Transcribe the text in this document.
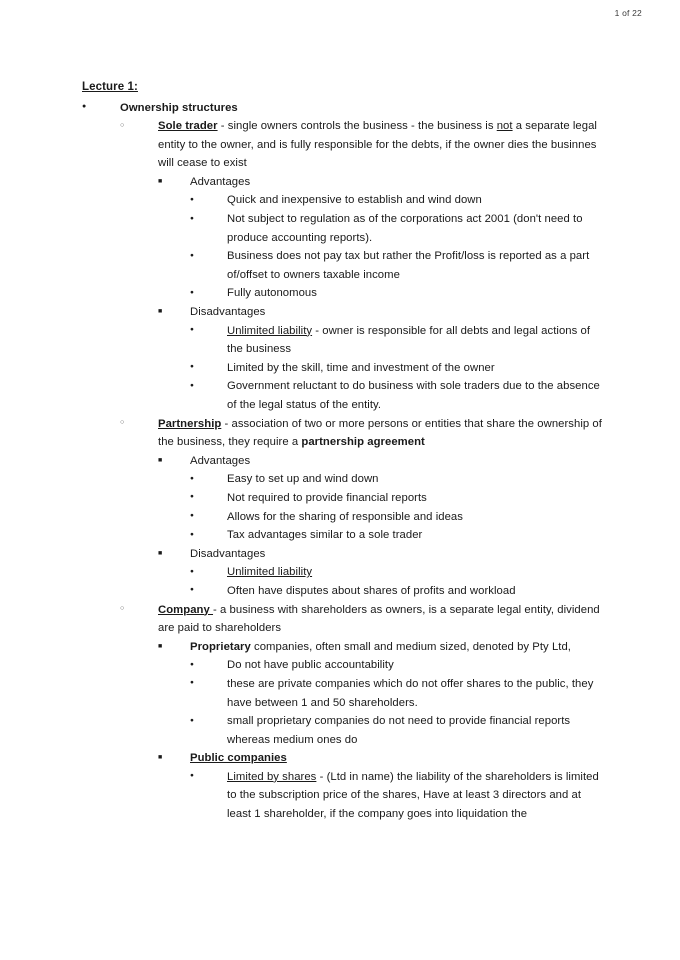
1 of 22
Lecture 1:
●
Ownership structures
○
Sole trader - single owners controls the business - the business is not a separate legal entity to the owner, and is fully responsible for the debts, if the owner dies the businnes will cease to exist
■
Advantages
●
Quick and inexpensive to establish and wind down
●
Not subject to regulation as of the corporations act 2001 (don't need to produce accounting reports).
●
Business does not pay tax but rather the Profit/loss is reported as a part of/offset to owners taxable income
●
Fully autonomous
■
Disadvantages
●
Unlimited liability - owner is responsible for all debts and legal actions of the business
●
Limited by the skill, time and investment of the owner
●
Government reluctant to do business with sole traders due to the absence of the legal status of the entity.
○
Partnership - association of two or more persons or entities that share the ownership of the business, they require a partnership agreement
■
Advantages
●
Easy to set up and wind down
●
Not required to provide financial reports
●
Allows for the sharing of responsible and ideas
●
Tax advantages similar to a sole trader
■
Disadvantages
●
Unlimited liability
●
Often have disputes about shares of profits and workload
○
Company - a business with shareholders as owners, is a separate legal entity, dividend are paid to shareholders
■
Proprietary companies, often small and medium sized, denoted by Pty Ltd,
●
Do not have public accountability
●
these are private companies which do not offer shares to the public, they have between 1 and 50 shareholders.
●
small proprietary companies do not need to provide financial reports whereas medium ones do
■
Public companies
●
Limited by shares - (Ltd in name) the liability of the shareholders is limited to the subscription price of the shares, Have at least 3 directors and at least 1 shareholder, if the company goes into liquidation the
